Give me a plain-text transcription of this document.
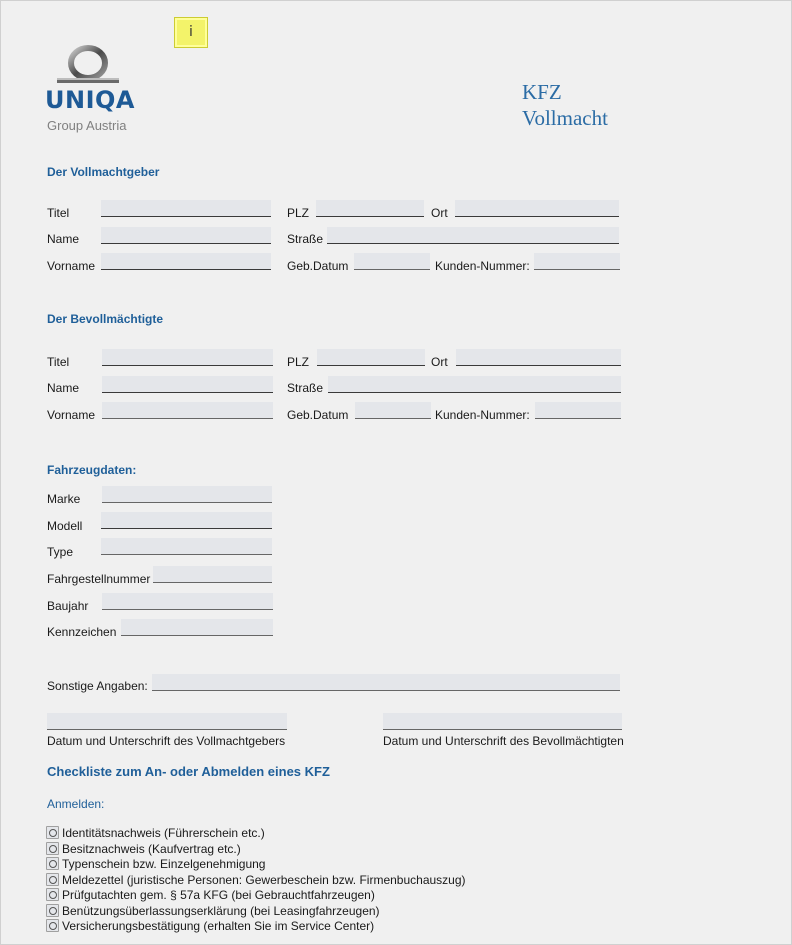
i
UNIQA
Group Austria
KFZ
Vollmacht
Der Vollmachtgeber
Titel	PLZ	Ort
Name	Straße
Vorname	Geb.Datum	Kunden-Nummer:
Der Bevollmächtigte
Titel	PLZ	Ort
Name	Straße
Vorname	Geb.Datum	Kunden-Nummer:
Fahrzeugdaten:
Marke
Modell
Type
Fahrgestellnummer
Baujahr
Kennzeichen
Sonstige Angaben:
Datum und Unterschrift des Vollmachtgebers	Datum und Unterschrift des Bevollmächtigten
Checkliste zum An- oder Abmelden eines KFZ
Anmelden:
Identitätsnachweis (Führerschein etc.)
Besitznachweis (Kaufvertrag etc.)
Typenschein bzw. Einzelgenehmigung
Meldezettel (juristische Personen: Gewerbeschein bzw. Firmenbuchauszug)
Prüfgutachten gem. § 57a KFG (bei Gebrauchtfahrzeugen)
Benützungsüberlassungserklärung (bei Leasingfahrzeugen)
Versicherungsbestätigung (erhalten Sie im Service Center)
